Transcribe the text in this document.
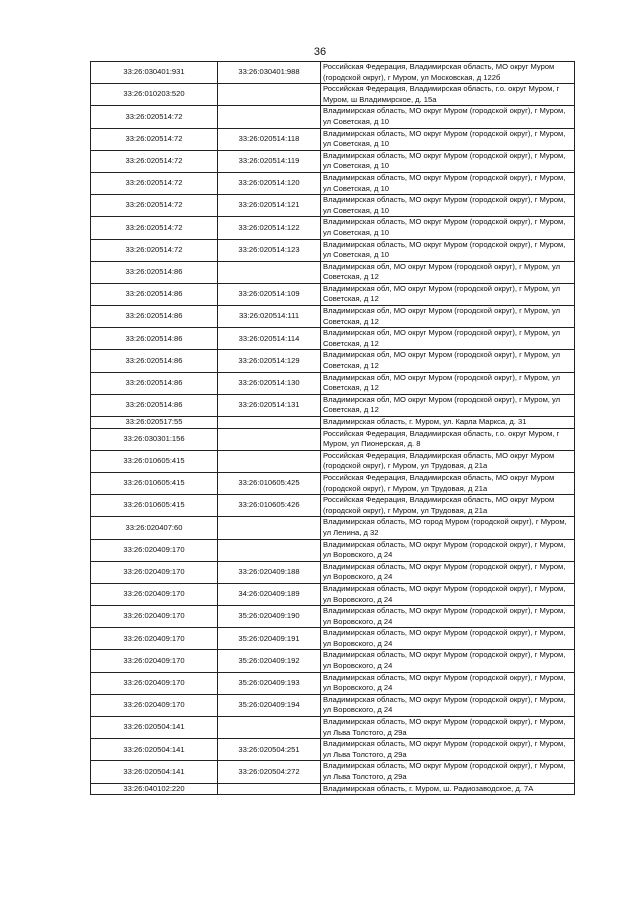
36
33:26:030401:931	33:26:030401:988	Российская Федерация, Владимирская область, МО округ Муром (городской округ), г Муром, ул Московская, д 122б
33:26:010203:520		Российская Федерация, Владимирская область, г.о. округ Муром, г Муром, ш Владимирское, д. 15а
33:26:020514:72		Владимирская область, МО округ Муром (городской округ), г Муром, ул Советская, д 10
33:26:020514:72	33:26:020514:118	Владимирская область, МО округ Муром (городской округ), г Муром, ул Советская, д 10
33:26:020514:72	33:26:020514:119	Владимирская область, МО округ Муром (городской округ), г Муром, ул Советская, д 10
33:26:020514:72	33:26:020514:120	Владимирская область, МО округ Муром (городской округ), г Муром, ул Советская, д 10
33:26:020514:72	33:26:020514:121	Владимирская область, МО округ Муром (городской округ), г Муром, ул Советская, д 10
33:26:020514:72	33:26:020514:122	Владимирская область, МО округ Муром (городской округ), г Муром, ул Советская, д 10
33:26:020514:72	33:26:020514:123	Владимирская область, МО округ Муром (городской округ), г Муром, ул Советская, д 10
33:26:020514:86		Владимирская обл, МО округ Муром (городской округ), г Муром, ул Советская, д 12
33:26:020514:86	33:26:020514:109	Владимирская обл, МО округ Муром (городской округ), г Муром, ул Советская, д 12
33:26:020514:86	33:26:020514:111	Владимирская обл, МО округ Муром (городской округ), г Муром, ул Советская, д 12
33:26:020514:86	33:26:020514:114	Владимирская обл, МО округ Муром (городской округ), г Муром, ул Советская, д 12
33:26:020514:86	33:26:020514:129	Владимирская обл, МО округ Муром (городской округ), г Муром, ул Советская, д 12
33:26:020514:86	33:26:020514:130	Владимирская обл, МО округ Муром (городской округ), г Муром, ул Советская, д 12
33:26:020514:86	33:26:020514:131	Владимирская обл, МО округ Муром (городской округ), г Муром, ул Советская, д 12
33:26:020517:55		Владимирская область, г. Муром, ул. Карла Маркса, д. 31
33:26:030301:156		Российская Федерация, Владимирская область, г.о. округ Муром, г Муром, ул Пионерская, д. 8
33:26:010605:415		Российская Федерация, Владимирская область, МО округ Муром (городской округ), г Муром, ул Трудовая, д 21а
33:26:010605:415	33:26:010605:425	Российская Федерация, Владимирская область, МО округ Муром (городской округ), г Муром, ул Трудовая, д 21а
33:26:010605:415	33:26:010605:426	Российская Федерация, Владимирская область, МО округ Муром (городской округ), г Муром, ул Трудовая, д 21а
33:26:020407:60		Владимирская область, МО город Муром (городской округ), г Муром, ул Ленина, д 32
33:26:020409:170		Владимирская область, МО округ Муром (городской округ), г Муром, ул Воровского, д 24
33:26:020409:170	33:26:020409:188	Владимирская область, МО округ Муром (городской округ), г Муром, ул Воровского, д 24
33:26:020409:170	34:26:020409:189	Владимирская область, МО округ Муром (городской округ), г Муром, ул Воровского, д 24
33:26:020409:170	35:26:020409:190	Владимирская область, МО округ Муром (городской округ), г Муром, ул Воровского, д 24
33:26:020409:170	35:26:020409:191	Владимирская область, МО округ Муром (городской округ), г Муром, ул Воровского, д 24
33:26:020409:170	35:26:020409:192	Владимирская область, МО округ Муром (городской округ), г Муром, ул Воровского, д 24
33:26:020409:170	35:26:020409:193	Владимирская область, МО округ Муром (городской округ), г Муром, ул Воровского, д 24
33:26:020409:170	35:26:020409:194	Владимирская область, МО округ Муром (городской округ), г Муром, ул Воровского, д 24
33:26:020504:141		Владимирская область, МО округ Муром (городской округ), г Муром, ул Льва Толстого, д 29а
33:26:020504:141	33:26:020504:251	Владимирская область, МО округ Муром (городской округ), г Муром, ул Льва Толстого, д 29а
33:26:020504:141	33:26:020504:272	Владимирская область, МО округ Муром (городской округ), г Муром, ул Льва Толстого, д 29а
33:26:040102:220		Владимирская область, г. Муром, ш. Радиозаводское, д. 7А
